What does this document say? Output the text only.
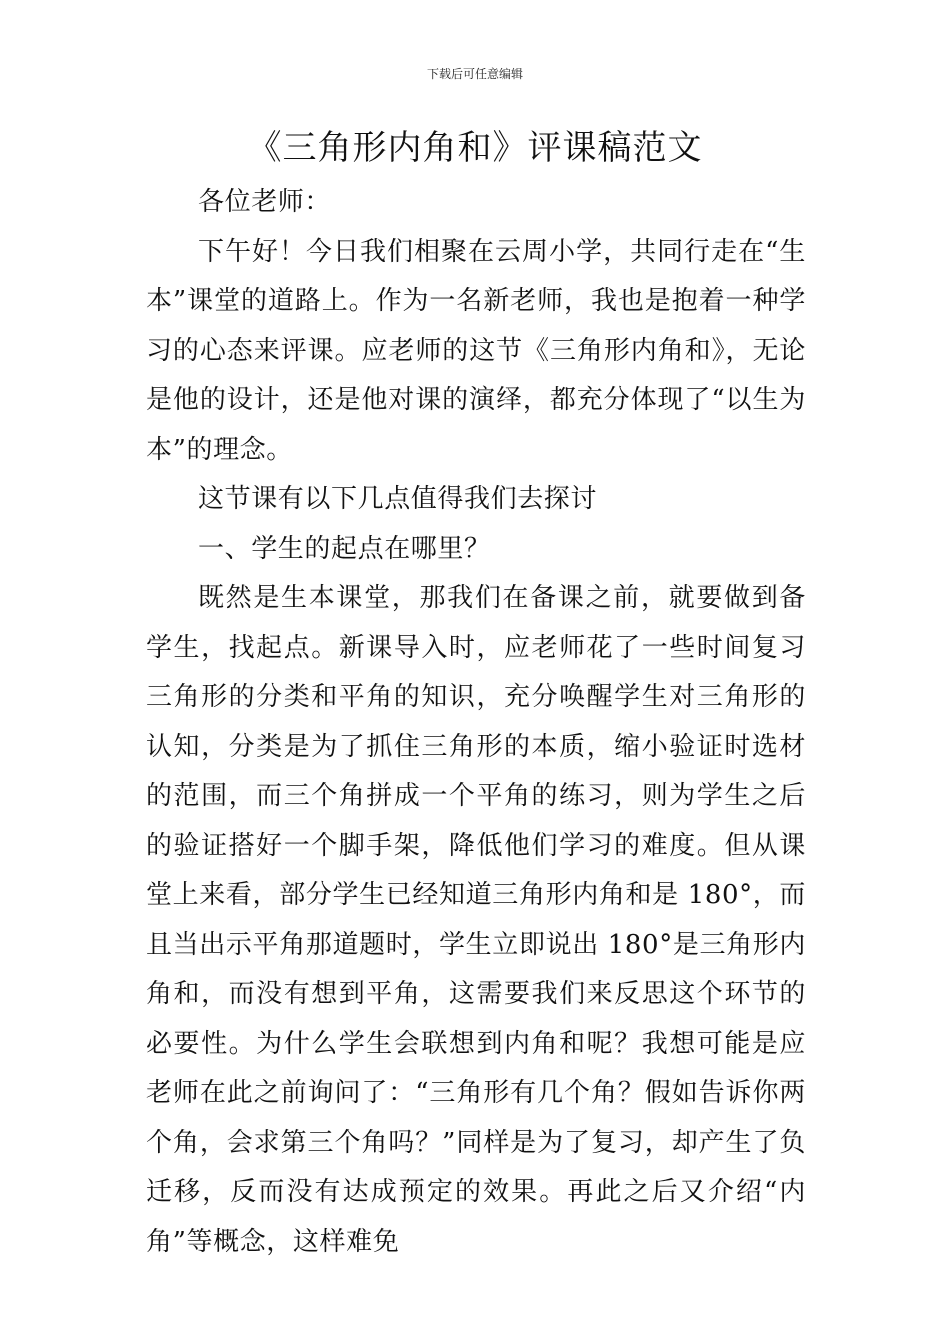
下载后可任意编辑
《三角形内角和》评课稿范文

各位老师：

下午好！今日我们相聚在云周小学，共同行走在“生本”课堂的道路上。作为一名新老师，我也是抱着一种学习的心态来评课。应老师的这节《三角形内角和》，无论是他的设计，还是他对课的演绎，都充分体现了“以生为本”的理念。

这节课有以下几点值得我们去探讨

一、学生的起点在哪里？

既然是生本课堂，那我们在备课之前，就要做到备学生，找起点。新课导入时，应老师花了一些时间复习三角形的分类和平角的知识，充分唤醒学生对三角形的认知，分类是为了抓住三角形的本质，缩小验证时选材的范围，而三个角拼成一个平角的练习，则为学生之后的验证搭好一个脚手架，降低他们学习的难度。但从课堂上来看，部分学生已经知道三角形内角和是 180°，而且当出示平角那道题时，学生立即说出 180°是三角形内角和，而没有想到平角，这需要我们来反思这个环节的必要性。为什么学生会联想到内角和呢？我想可能是应老师在此之前询问了：“三角形有几个角？假如告诉你两个角，会求第三个角吗？”同样是为了复习，却产生了负迁移，反而没有达成预定的效果。再此之后又介绍“内角”等概念，这样难免
